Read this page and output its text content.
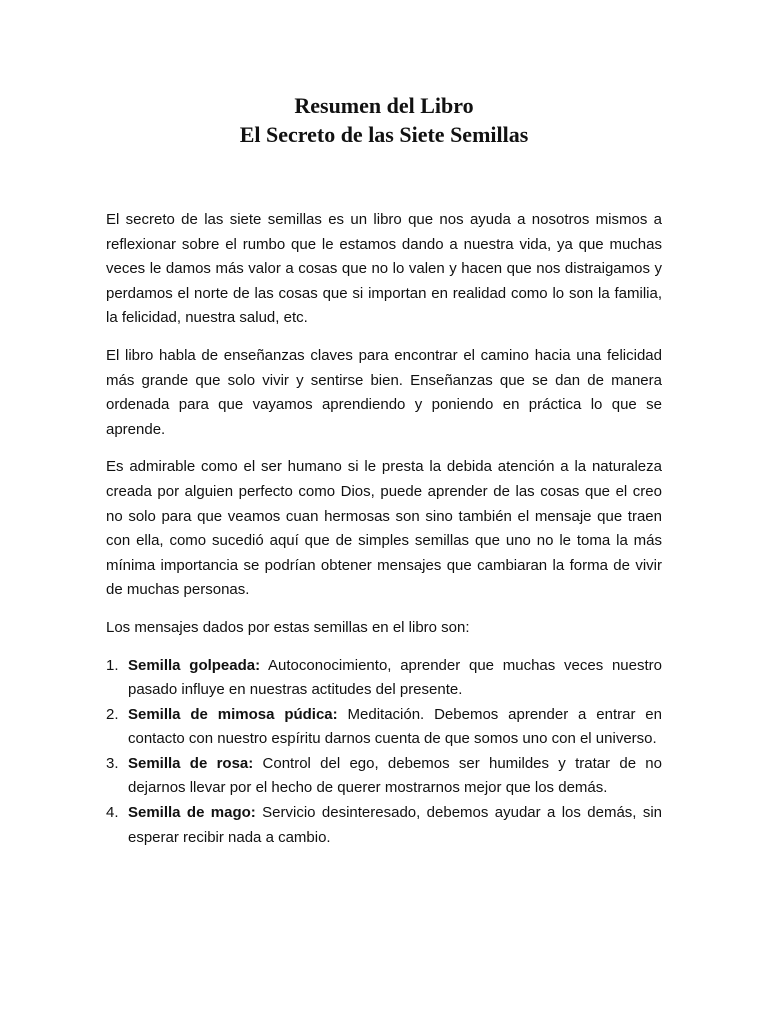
Resumen del Libro
El Secreto de las Siete Semillas

El secreto de las siete semillas es un libro que nos ayuda a nosotros mismos a reflexionar sobre el rumbo que le estamos dando a nuestra vida, ya que muchas veces le damos más valor a cosas que no lo valen y hacen que nos distraigamos y perdamos el norte de las cosas que si importan en realidad como lo son la familia, la felicidad, nuestra salud, etc.

El libro habla de enseñanzas claves para encontrar el camino hacia una felicidad más grande que solo vivir y sentirse bien. Enseñanzas que se dan de manera ordenada para que vayamos aprendiendo y poniendo en práctica lo que se aprende.

Es admirable como el ser humano si le presta la debida atención a la naturaleza creada por alguien perfecto como Dios, puede aprender de las cosas que el creo no solo para que veamos cuan hermosas son sino también el mensaje que traen con ella, como sucedió aquí que de simples semillas que uno no le toma la más mínima importancia se podrían obtener mensajes que cambiaran la forma de vivir de muchas personas.

Los mensajes dados por estas semillas en el libro son:

1. Semilla golpeada: Autoconocimiento, aprender que muchas veces nuestro pasado influye en nuestras actitudes del presente.
2. Semilla de mimosa púdica: Meditación. Debemos aprender a entrar en contacto con nuestro espíritu darnos cuenta de que somos uno con el universo.
3. Semilla de rosa: Control del ego, debemos ser humildes y tratar de no dejarnos llevar por el hecho de querer mostrarnos mejor que los demás.
4. Semilla de mago: Servicio desinteresado, debemos ayudar a los demás, sin esperar recibir nada a cambio.
